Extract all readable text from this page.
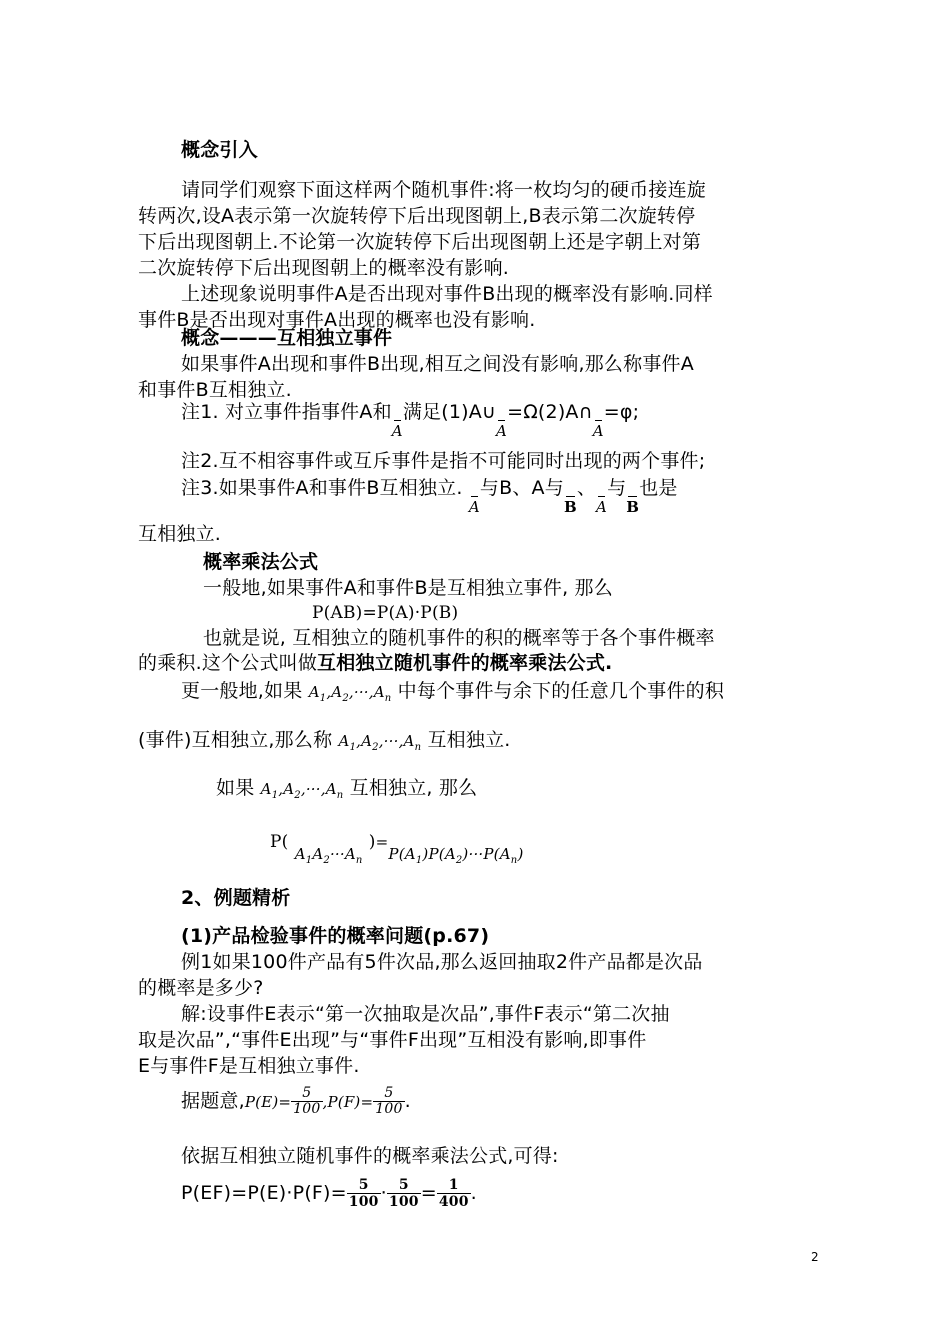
概念引入
请同学们观察下面这样两个随机事件:将一枚均匀的硬币接连旋
转两次,设A表示第一次旋转停下后出现图朝上,B表示第二次旋转停
下后出现图朝上.不论第一次旋转停下后出现图朝上还是字朝上对第
二次旋转停下后出现图朝上的概率没有影响.
上述现象说明事件A是否出现对事件B出现的概率没有影响.同样
事件B是否出现对事件A出现的概率也没有影响.
概念———互相独立事件
如果事件A出现和事件B出现,相互之间没有影响,那么称事件A
和事件B互相独立.
注1. 对立事件指事件A和
A
满足(1)A∪
A
=Ω(2)A∩
A
=φ;
注2.互不相容事件或互斥事件是指不可能同时出现的两个事件;
注3.如果事件A和事件B互相独立.
A
与B、A与
B
、
A
与
B
也是
互相独立.
概率乘法公式
一般地,如果事件A和事件B是互相独立事件, 那么
P(AB)=P(A)·P(B)
也就是说, 互相独立的随机事件的积的概率等于各个事件概率
的乘积.这个公式叫做互相独立随机事件的概率乘法公式.
更一般地,如果 $A_1,A_2,\cdot\cdot\cdot,A_n$ 中每个事件与余下的任意几个事件的积
(事件)互相独立,那么称 $A_1,A_2,\cdot\cdot\cdot,A_n$ 互相独立.
如果 $A_1,A_2,\cdot\cdot\cdot,A_n$ 互相独立, 那么
P( $_{A_1A_2\cdot\cdot\cdot A_n}$ )$=_{P(A_1)P(A_2)\cdot\cdot\cdot P(A_n)}$
2、例题精析
(1)产品检验事件的概率问题(p.67)
例1如果100件产品有5件次品,那么返回抽取2件产品都是次品
的概率是多少?
解:设事件E表示“第一次抽取是次品”,事件F表示“第二次抽
取是次品”,“事件E出现”与“事件F出现”互相没有影响,即事件
E与事件F是互相独立事件.
据题意$,P(E)= \frac{5}{100} ,P(F)= \frac{5}{100}$ .
依据互相独立随机事件的概率乘法公式,可得:
$P(EF)=P(E)\cdot P(F)= \frac{5}{100} \cdot \frac{5}{100} = \frac{1}{400}$ .
2
